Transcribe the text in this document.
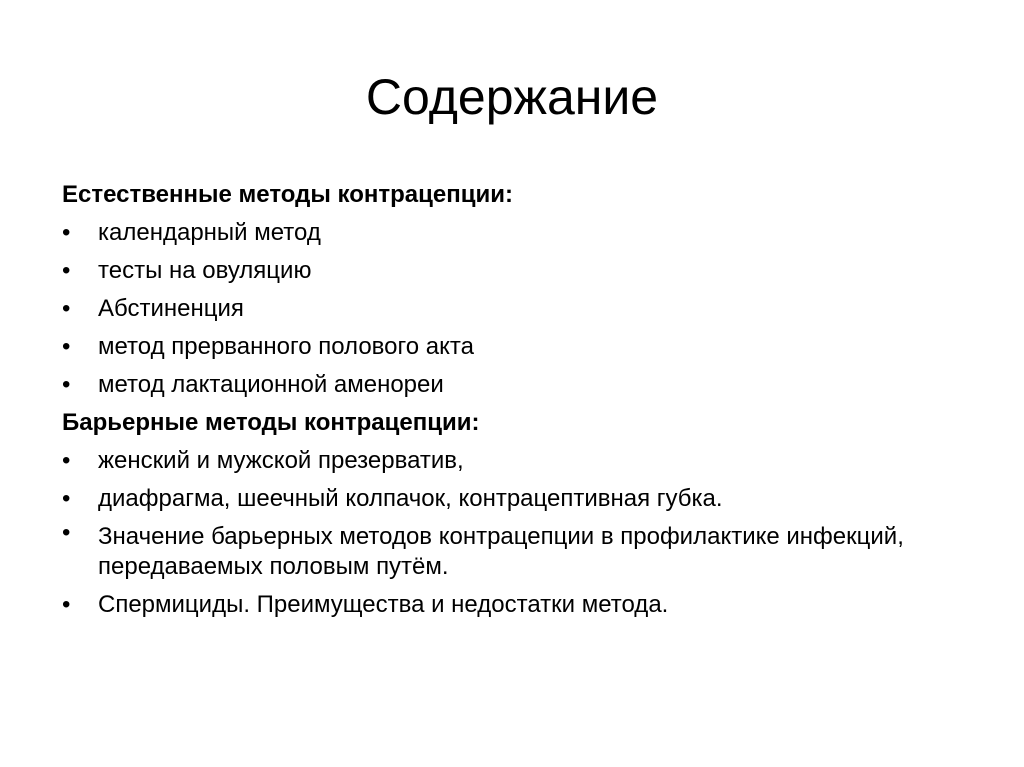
Содержание

Естественные методы контрацепции:

•	календарный метод
•	тесты на овуляцию
•	Абстиненция
•	метод прерванного полового акта
•	метод лактационной аменореи

Барьерные методы контрацепции:

•	женский и мужской презерватив,
•	диафрагма, шеечный колпачок, контрацептивная губка.
•	Значение барьерных методов контрацепции в профилактике инфекций, передаваемых половым путём.
•	Спермициды. Преимущества и недостатки метода.
